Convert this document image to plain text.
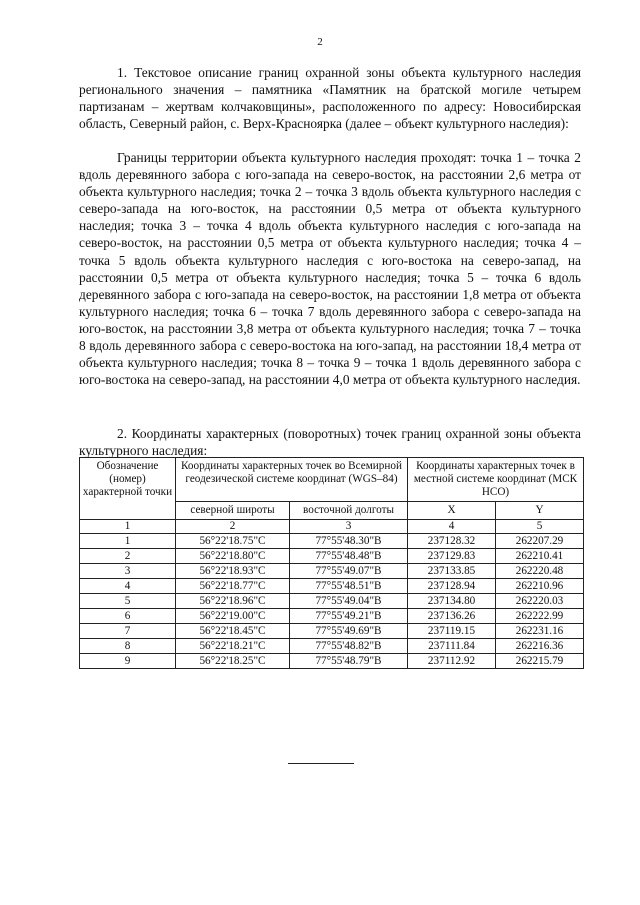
2

1. Текстовое описание границ охранной зоны объекта культурного наследия регионального значения – памятника «Памятник на братской могиле четырем партизанам – жертвам колчаковщины», расположенного по адресу: Новосибирская область, Северный район, с. Верх-Красноярка (далее – объект культурного наследия):

Границы территории объекта культурного наследия проходят: точка 1 – точка 2 вдоль деревянного забора с юго-запада на северо-восток, на расстоянии 2,6 метра от объекта культурного наследия; точка 2 – точка 3 вдоль объекта культурного наследия с северо-запада на юго-восток, на расстоянии 0,5 метра от объекта культурного наследия; точка 3 – точка 4 вдоль объекта культурного наследия с юго-запада на северо-восток, на расстоянии 0,5 метра от объекта культурного наследия; точка 4 – точка 5 вдоль объекта культурного наследия с юго-востока на северо-запад, на расстоянии 0,5 метра от объекта культурного наследия; точка 5 – точка 6 вдоль деревянного забора с юго-запада на северо-восток, на расстоянии 1,8 метра от объекта культурного наследия; точка 6 – точка 7 вдоль деревянного забора с северо-запада на юго-восток, на расстоянии 3,8 метра от объекта культурного наследия; точка 7 – точка 8 вдоль деревянного забора с северо-востока на юго-запад, на расстоянии 18,4 метра от объекта культурного наследия; точка 8 – точка 9 – точка 1 вдоль деревянного забора с юго-востока на северо-запад, на расстоянии 4,0 метра от объекта культурного наследия.

2. Координаты характерных (поворотных) точек границ охранной зоны объекта культурного наследия:

Обозначение (номер) характерной точки	Координаты характерных точек во Всемирной геодезической системе координат (WGS–84)		Координаты характерных точек в местной системе координат (МСК НСО)	
	северной широты	восточной долготы	X	Y
1	2	3	4	5
1	56°22'18.75"С	77°55'48.30"В	237128.32	262207.29
2	56°22'18.80"С	77°55'48.48"В	237129.83	262210.41
3	56°22'18.93"С	77°55'49.07"В	237133.85	262220.48
4	56°22'18.77"С	77°55'48.51"В	237128.94	262210.96
5	56°22'18.96"С	77°55'49.04"В	237134.80	262220.03
6	56°22'19.00"С	77°55'49.21"В	237136.26	262222.99
7	56°22'18.45"С	77°55'49.69"В	237119.15	262231.16
8	56°22'18.21"С	77°55'48.82"В	237111.84	262216.36
9	56°22'18.25"С	77°55'48.79"В	237112.92	262215.79
